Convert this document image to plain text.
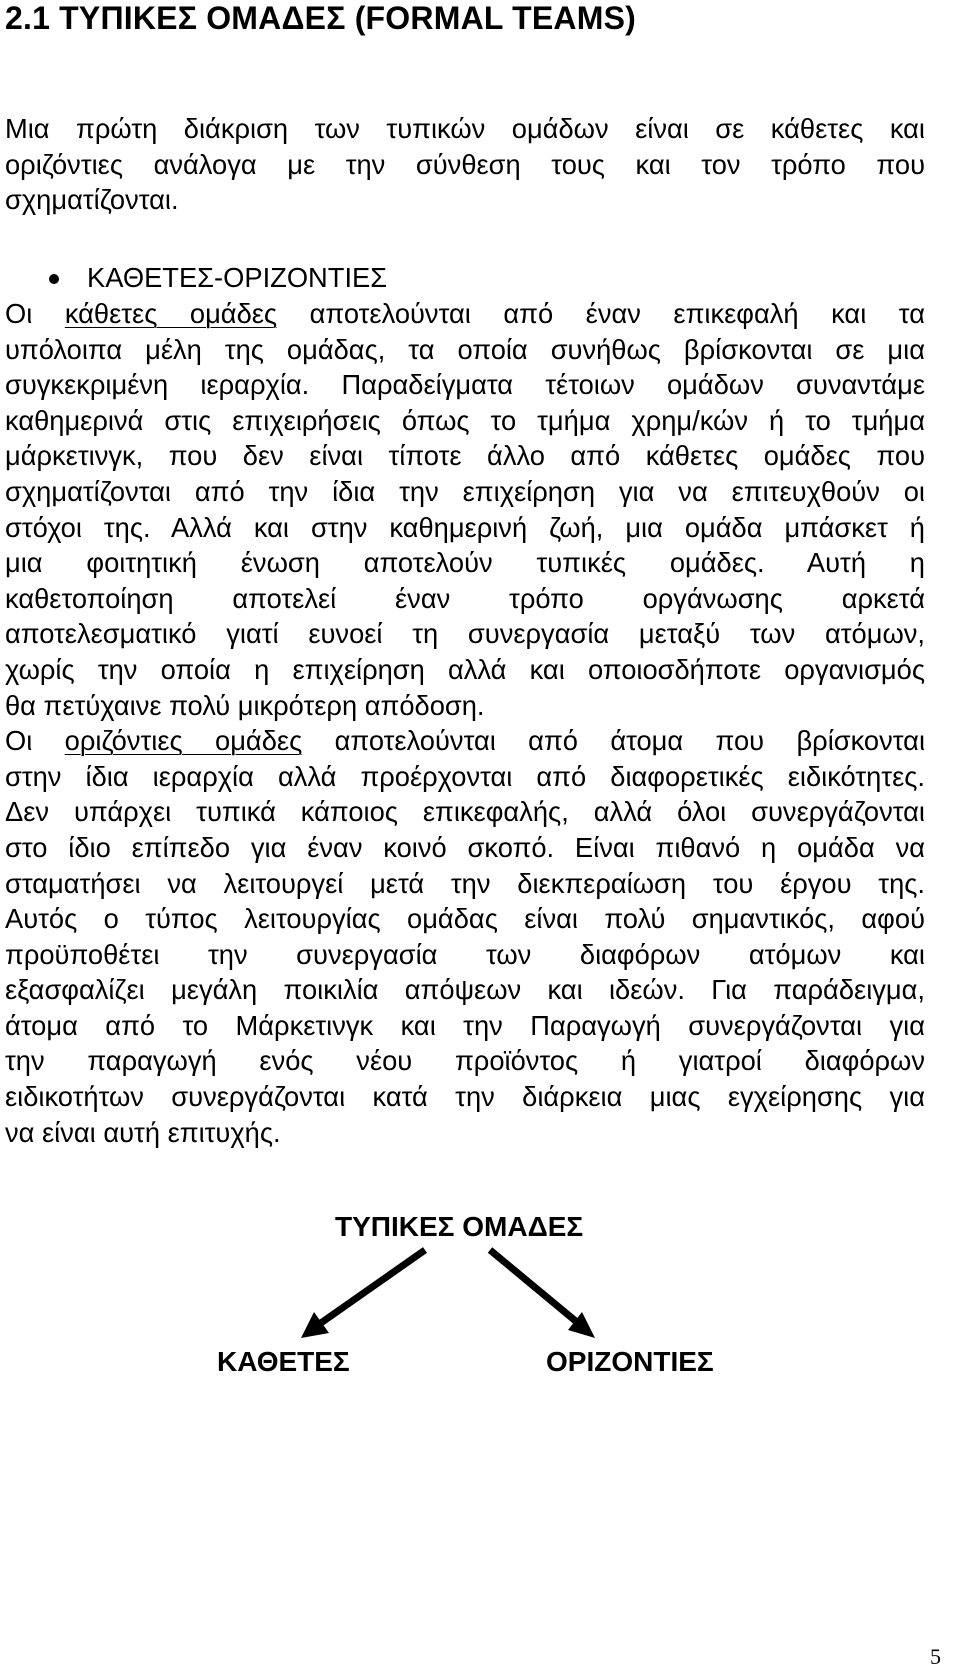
2.1 ΤΥΠΙΚΕΣ ΟΜΑΔΕΣ (FORMAL TEAMS)
Μια πρώτη διάκριση των τυπικών ομάδων είναι σε κάθετες και
οριζόντιες ανάλογα με την σύνθεση τους και τον τρόπο που
σχηματίζονται.
ΚΑΘΕΤΕΣ-ΟΡΙΖΟΝΤΙΕΣ
Οι κάθετες ομάδες αποτελούνται από έναν επικεφαλή και τα
υπόλοιπα μέλη της ομάδας, τα οποία συνήθως βρίσκονται σε μια
συγκεκριμένη ιεραρχία. Παραδείγματα τέτοιων ομάδων συναντάμε
καθημερινά στις επιχειρήσεις όπως το τμήμα χρημ/κών ή το τμήμα
μάρκετινγκ, που δεν είναι τίποτε άλλο από κάθετες ομάδες που
σχηματίζονται από την ίδια την επιχείρηση για να επιτευχθούν οι
στόχοι της. Αλλά και στην καθημερινή ζωή, μια ομάδα μπάσκετ ή
μια φοιτητική ένωση αποτελούν τυπικές ομάδες. Αυτή η
καθετοποίηση αποτελεί έναν τρόπο οργάνωσης αρκετά
αποτελεσματικό γιατί ευνοεί τη συνεργασία μεταξύ των ατόμων,
χωρίς την οποία η επιχείρηση αλλά και οποιοσδήποτε οργανισμός
θα πετύχαινε πολύ μικρότερη απόδοση.
Οι οριζόντιες ομάδες αποτελούνται από άτομα που βρίσκονται
στην ίδια ιεραρχία αλλά προέρχονται από διαφορετικές ειδικότητες.
Δεν υπάρχει τυπικά κάποιος επικεφαλής, αλλά όλοι συνεργάζονται
στο ίδιο επίπεδο για έναν κοινό σκοπό. Είναι πιθανό η ομάδα να
σταματήσει να λειτουργεί μετά την διεκπεραίωση του έργου της.
Αυτός ο τύπος λειτουργίας ομάδας είναι πολύ σημαντικός, αφού
προϋποθέτει την συνεργασία των διαφόρων ατόμων και
εξασφαλίζει μεγάλη ποικιλία απόψεων και ιδεών. Για παράδειγμα,
άτομα από το Μάρκετινγκ και την Παραγωγή συνεργάζονται για
την παραγωγή ενός νέου προϊόντος ή γιατροί διαφόρων
ειδικοτήτων συνεργάζονται κατά την διάρκεια μιας εγχείρησης για
να είναι αυτή επιτυχής.
ΤΥΠΙΚΕΣ ΟΜΑΔΕΣ
ΚΑΘΕΤΕΣ	ΟΡΙΖΟΝΤΙΕΣ
5
